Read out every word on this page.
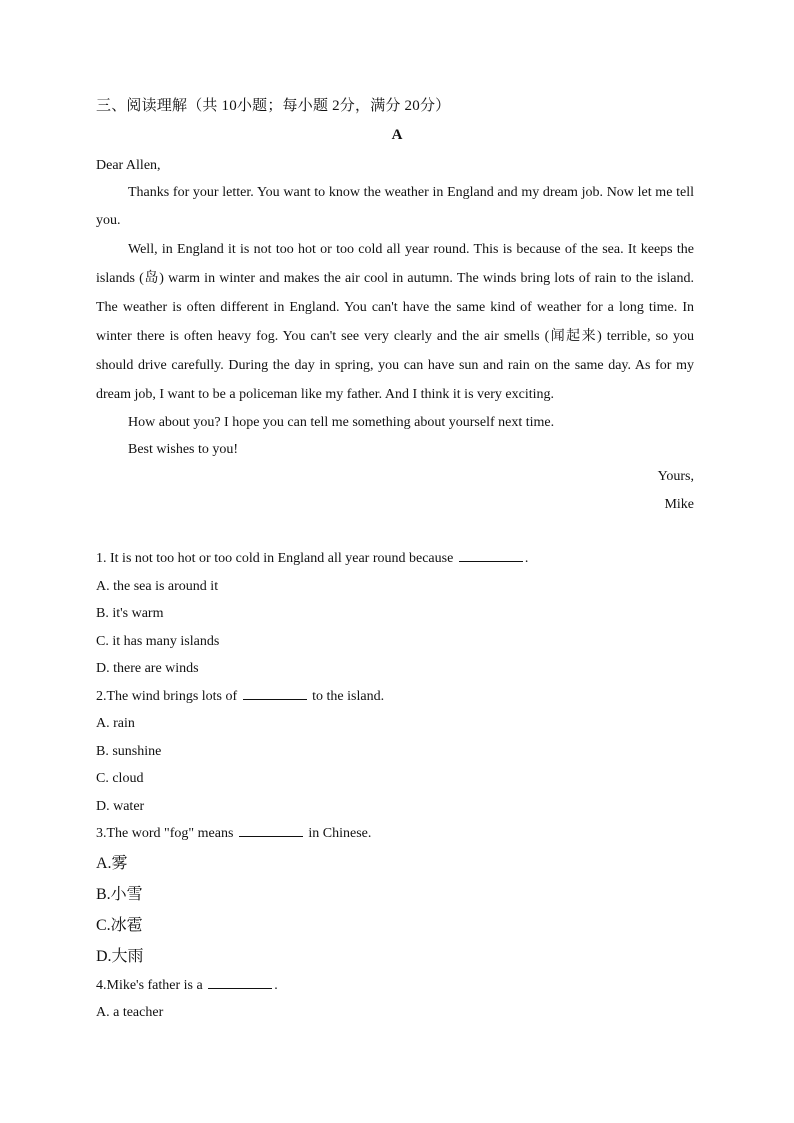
三、阅读理解（共 10小题；每小题 2分，满分 20分）
A

Dear Allen,

Thanks for your letter. You want to know the weather in England and my dream job. Now let me tell you.

Well, in England it is not too hot or too cold all year round. This is because of the sea. It keeps the islands (岛) warm in winter and makes the air cool in autumn. The winds bring lots of rain to the island. The weather is often different in England. You can't have the same kind of weather for a long time. In winter there is often heavy fog. You can't see very clearly and the air smells (闻起来) terrible, so you should drive carefully. During the day in spring, you can have sun and rain on the same day. As for my dream job, I want to be a policeman like my father. And I think it is very exciting.

How about you? I hope you can tell me something about yourself next time.

Best wishes to you!

Yours,

Mike

1. It is not too hot or too cold in England all year round because	.

A. the sea is around it

B. it's warm

C. it has many islands

D. there are winds

2.The wind brings lots of	to the island.

A. rain

B. sunshine

C. cloud

D. water

3.The word "fog" means	in Chinese.

A.雾

B.小雪

C.冰雹

D.大雨

4.Mike's father is a	.

A. a teacher
